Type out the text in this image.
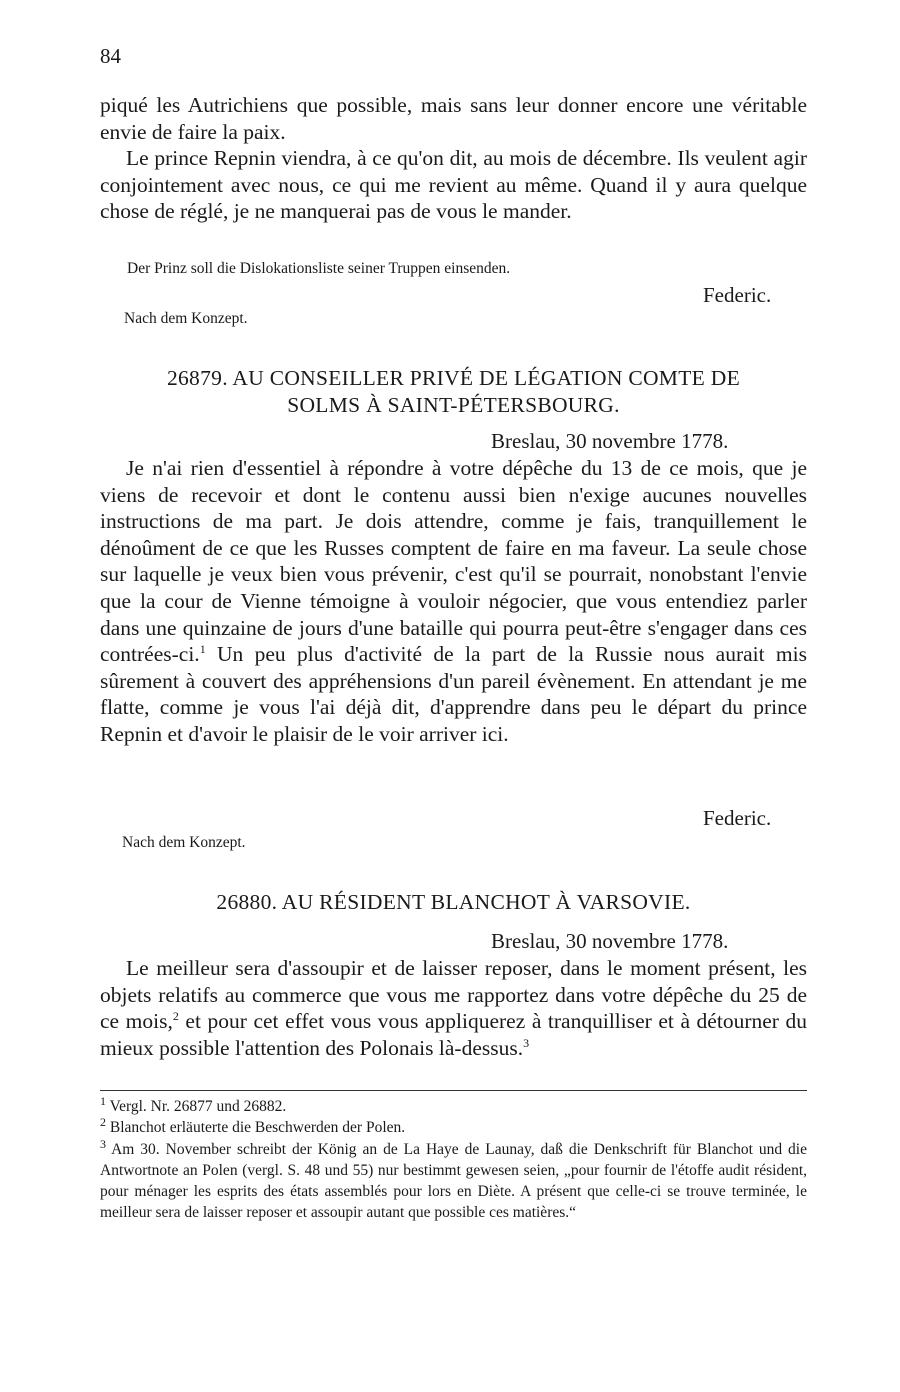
84

piqué les Autrichiens que possible, mais sans leur donner encore une véritable envie de faire la paix.

Le prince Repnin viendra, à ce qu'on dit, au mois de décembre. Ils veulent agir conjointement avec nous, ce qui me revient au même. Quand il y aura quelque chose de réglé, je ne manquerai pas de vous le mander.

Der Prinz soll die Dislokationsliste seiner Truppen einsenden.
Federic.
Nach dem Konzept.
26879. AU CONSEILLER PRIVÉ DE LÉGATION COMTE DE
SOLMS À SAINT-PÉTERSBOURG.
Breslau, 30 novembre 1778.

Je n'ai rien d'essentiel à répondre à votre dépêche du 13 de ce mois, que je viens de recevoir et dont le contenu aussi bien n'exige aucunes nouvelles instructions de ma part. Je dois attendre, comme je fais, tranquillement le dénoûment de ce que les Russes comptent de faire en ma faveur. La seule chose sur laquelle je veux bien vous prévenir, c'est qu'il se pourrait, nonobstant l'envie que la cour de Vienne témoigne à vouloir négocier, que vous entendiez parler dans une quinzaine de jours d'une bataille qui pourra peut-être s'engager dans ces contrées-ci.$^1$ Un peu plus d'activité de la part de la Russie nous aurait mis sûrement à couvert des appréhensions d'un pareil évènement. En attendant je me flatte, comme je vous l'ai déjà dit, d'apprendre dans peu le départ du prince Repnin et d'avoir le plaisir de le voir arriver ici.

Federic.
Nach dem Konzept.
26880. AU RÉSIDENT BLANCHOT À VARSOVIE.
Breslau, 30 novembre 1778.

Le meilleur sera d'assoupir et de laisser reposer, dans le moment présent, les objets relatifs au commerce que vous me rapportez dans votre dépêche du 25 de ce mois,$^2$ et pour cet effet vous vous appliquerez à tranquilliser et à détourner du mieux possible l'attention des Polonais là-dessus.$^3$

$^1$ Vergl. Nr. 26877 und 26882.

$^2$ Blanchot erläuterte die Beschwerden der Polen.

$^3$ Am 30. November schreibt der König an de La Haye de Launay, daß die Denkschrift für Blanchot und die Antwortnote an Polen (vergl. S. 48 und 55) nur bestimmt gewesen seien, „pour fournir de l'étoffe audit résident, pour ménager les esprits des états assemblés pour lors en Diète. A présent que celle-ci se trouve terminée, le meilleur sera de laisser reposer et assoupir autant que possible ces matières.“
